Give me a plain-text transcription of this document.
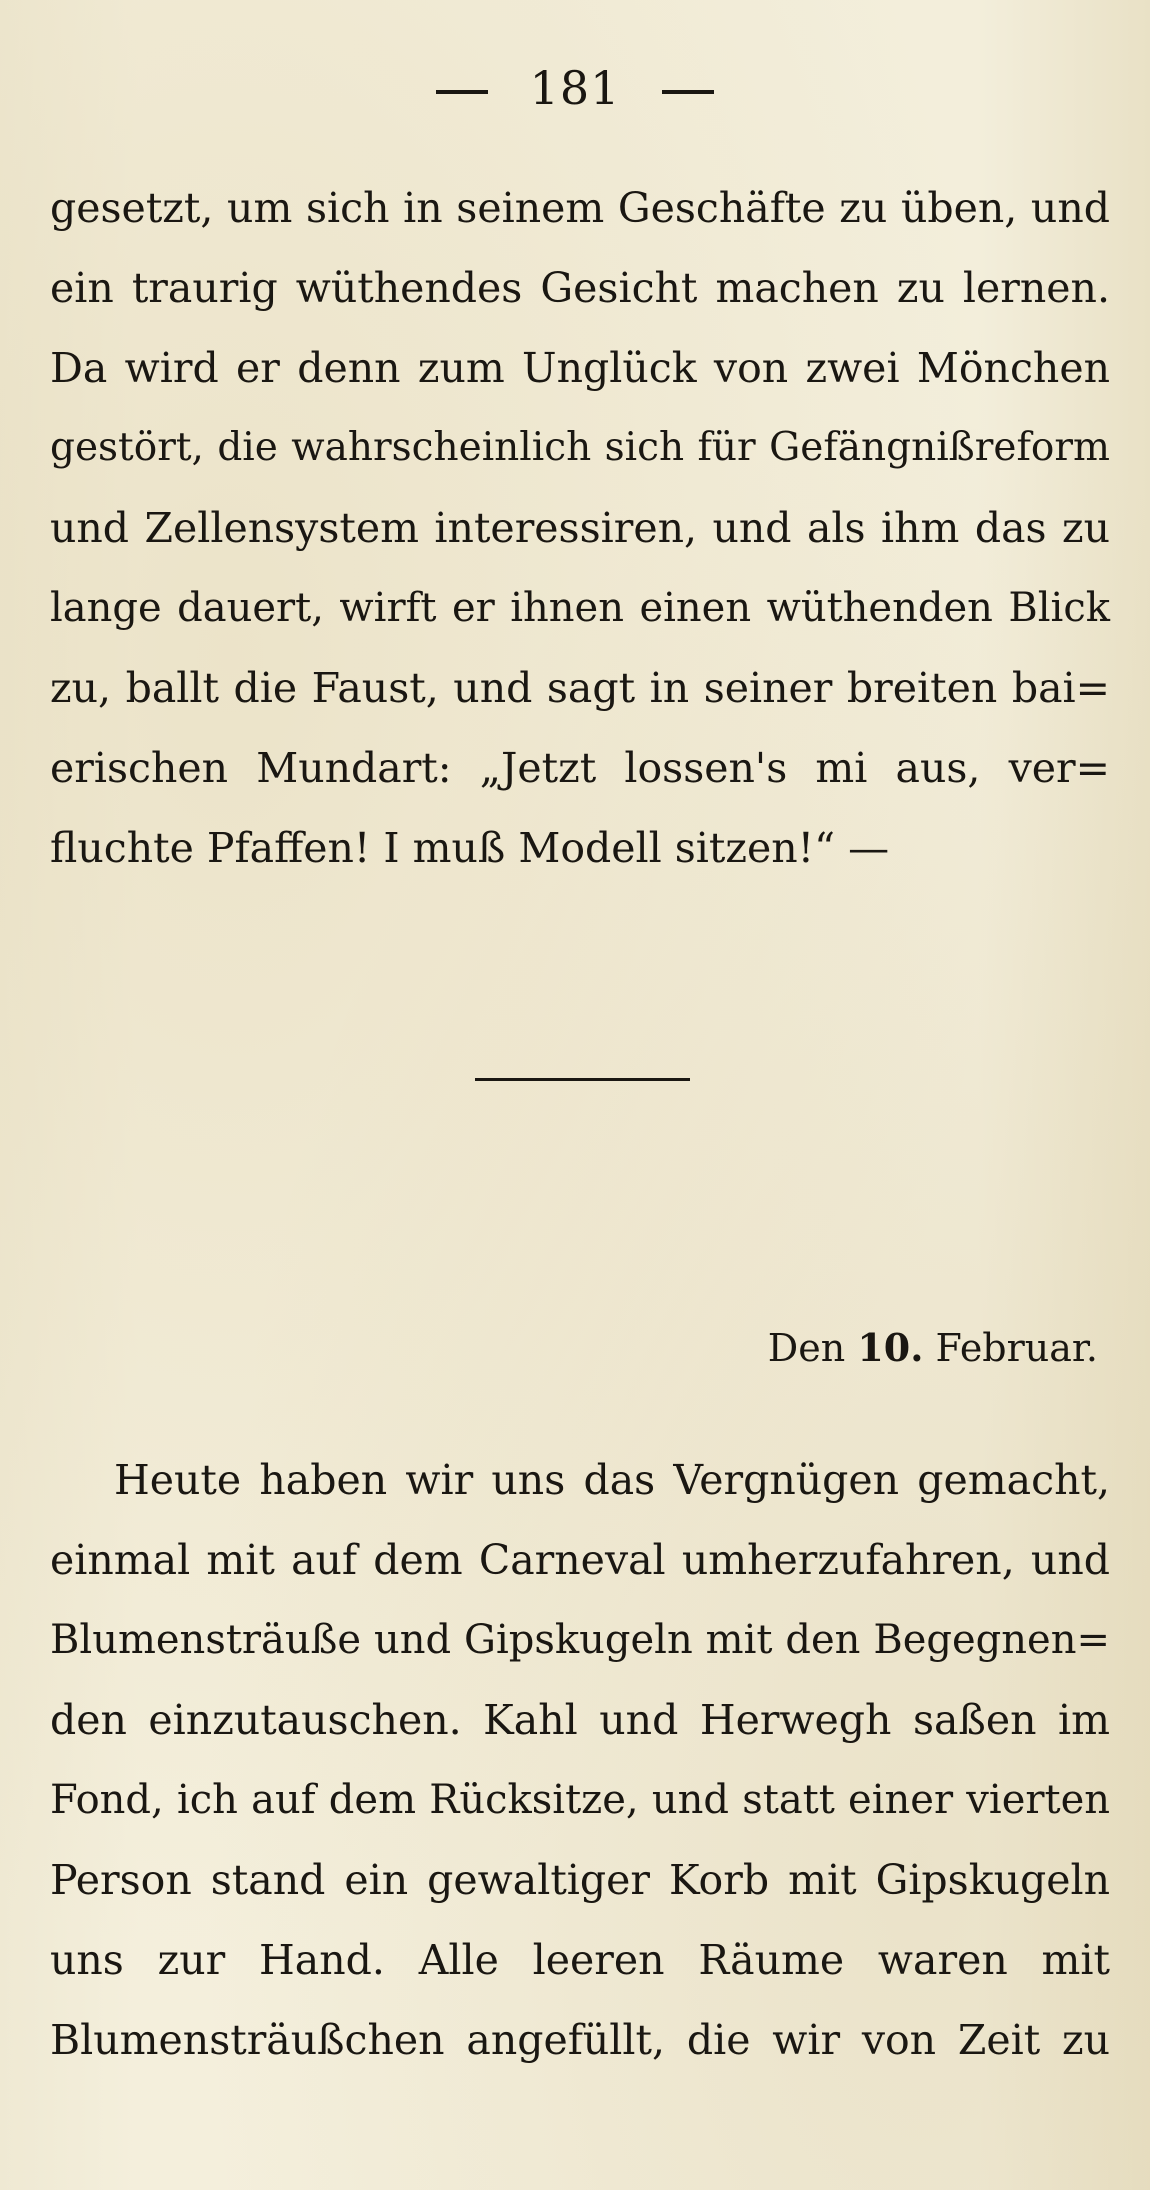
181
gesetzt, um sich in seinem Geschäfte zu üben, und
ein traurig wüthendes Gesicht machen zu lernen.
Da wird er denn zum Unglück von zwei Mönchen
gestört, die wahrscheinlich sich für Gefängnißreform
und Zellensystem interessiren, und als ihm das zu
lange dauert, wirft er ihnen einen wüthenden Blick
zu, ballt die Faust, und sagt in seiner breiten bai=
erischen Mundart: „Jetzt lossen's mi aus, ver=
fluchte Pfaffen! I muß Modell sitzen!“ —
Den 10. Februar.
Heute haben wir uns das Vergnügen gemacht,
einmal mit auf dem Carneval umherzufahren, und
Blumensträuße und Gipskugeln mit den Begegnen=
den einzutauschen. Kahl und Herwegh saßen im
Fond, ich auf dem Rücksitze, und statt einer vierten
Person stand ein gewaltiger Korb mit Gipskugeln
uns zur Hand. Alle leeren Räume waren mit
Blumensträußchen angefüllt, die wir von Zeit zu
